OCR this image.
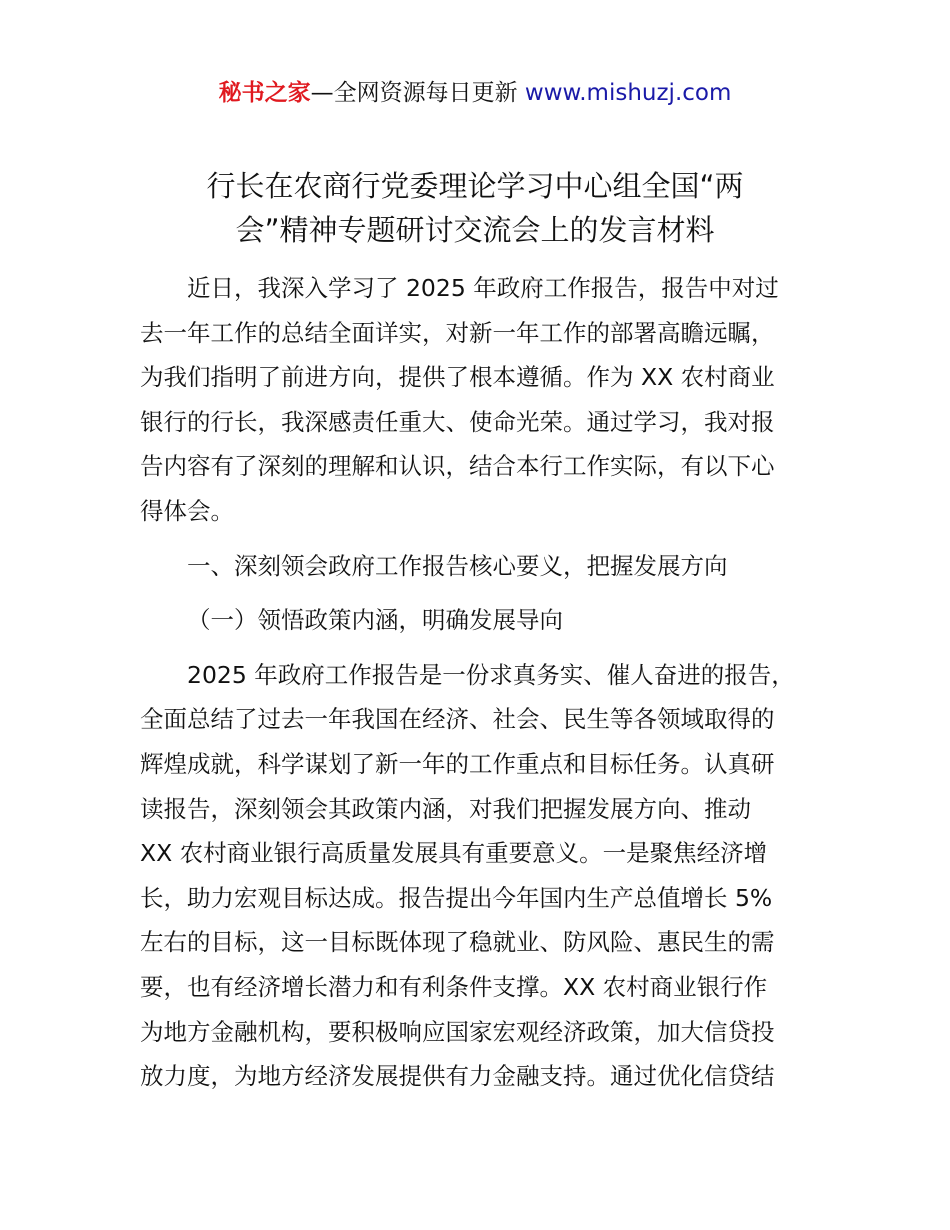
秘书之家—全网资源每日更新 www.mishuzj.com
行长在农商行党委理论学习中心组全国“两
会”精神专题研讨交流会上的发言材料
近日，我深入学习了 2025 年政府工作报告，报告中对过
去一年工作的总结全面详实，对新一年工作的部署高瞻远瞩，
为我们指明了前进方向，提供了根本遵循。作为 XX 农村商业
银行的行长，我深感责任重大、使命光荣。通过学习，我对报
告内容有了深刻的理解和认识，结合本行工作实际，有以下心
得体会。
一、深刻领会政府工作报告核心要义，把握发展方向
（一）领悟政策内涵，明确发展导向
2025 年政府工作报告是一份求真务实、催人奋进的报告，
全面总结了过去一年我国在经济、社会、民生等各领域取得的
辉煌成就，科学谋划了新一年的工作重点和目标任务。认真研
读报告，深刻领会其政策内涵，对我们把握发展方向、推动
XX 农村商业银行高质量发展具有重要意义。一是聚焦经济增
长，助力宏观目标达成。报告提出今年国内生产总值增长 5%
左右的目标，这一目标既体现了稳就业、防风险、惠民生的需
要，也有经济增长潜力和有利条件支撑。XX 农村商业银行作
为地方金融机构，要积极响应国家宏观经济政策，加大信贷投
放力度，为地方经济发展提供有力金融支持。通过优化信贷结
